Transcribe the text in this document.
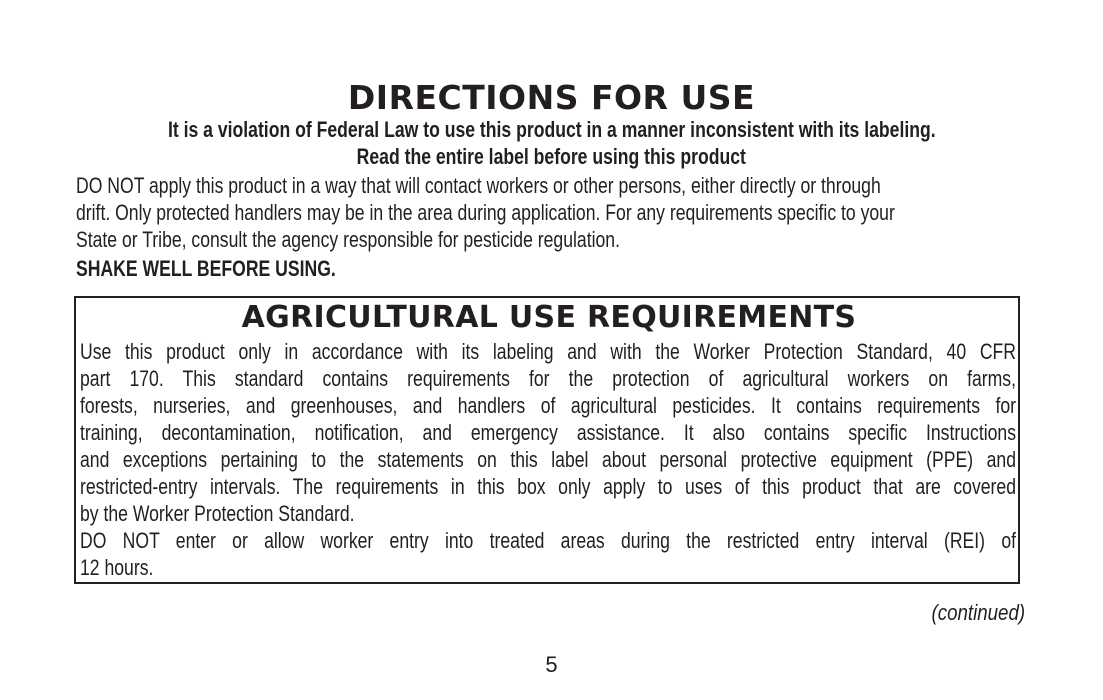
DIRECTIONS FOR USE
It is a violation of Federal Law to use this product in a manner inconsistent with its labeling.
Read the entire label before using this product
DO NOT apply this product in a way that will contact workers or other persons, either directly or through
drift. Only protected handlers may be in the area during application. For any requirements specific to your
State or Tribe, consult the agency responsible for pesticide regulation.
SHAKE WELL BEFORE USING.
AGRICULTURAL USE REQUIREMENTS
Use this product only in accordance with its labeling and with the Worker Protection Standard, 40 CFR
part 170. This standard contains requirements for the protection of agricultural workers on farms,
forests, nurseries, and greenhouses, and handlers of agricultural pesticides. It contains requirements for
training, decontamination, notification, and emergency assistance. It also contains specific Instructions
and exceptions pertaining to the statements on this label about personal protective equipment (PPE) and
restricted-entry intervals. The requirements in this box only apply to uses of this product that are covered
by the Worker Protection Standard.
DO NOT enter or allow worker entry into treated areas during the restricted entry interval (REI) of
12 hours.
(continued)
5
